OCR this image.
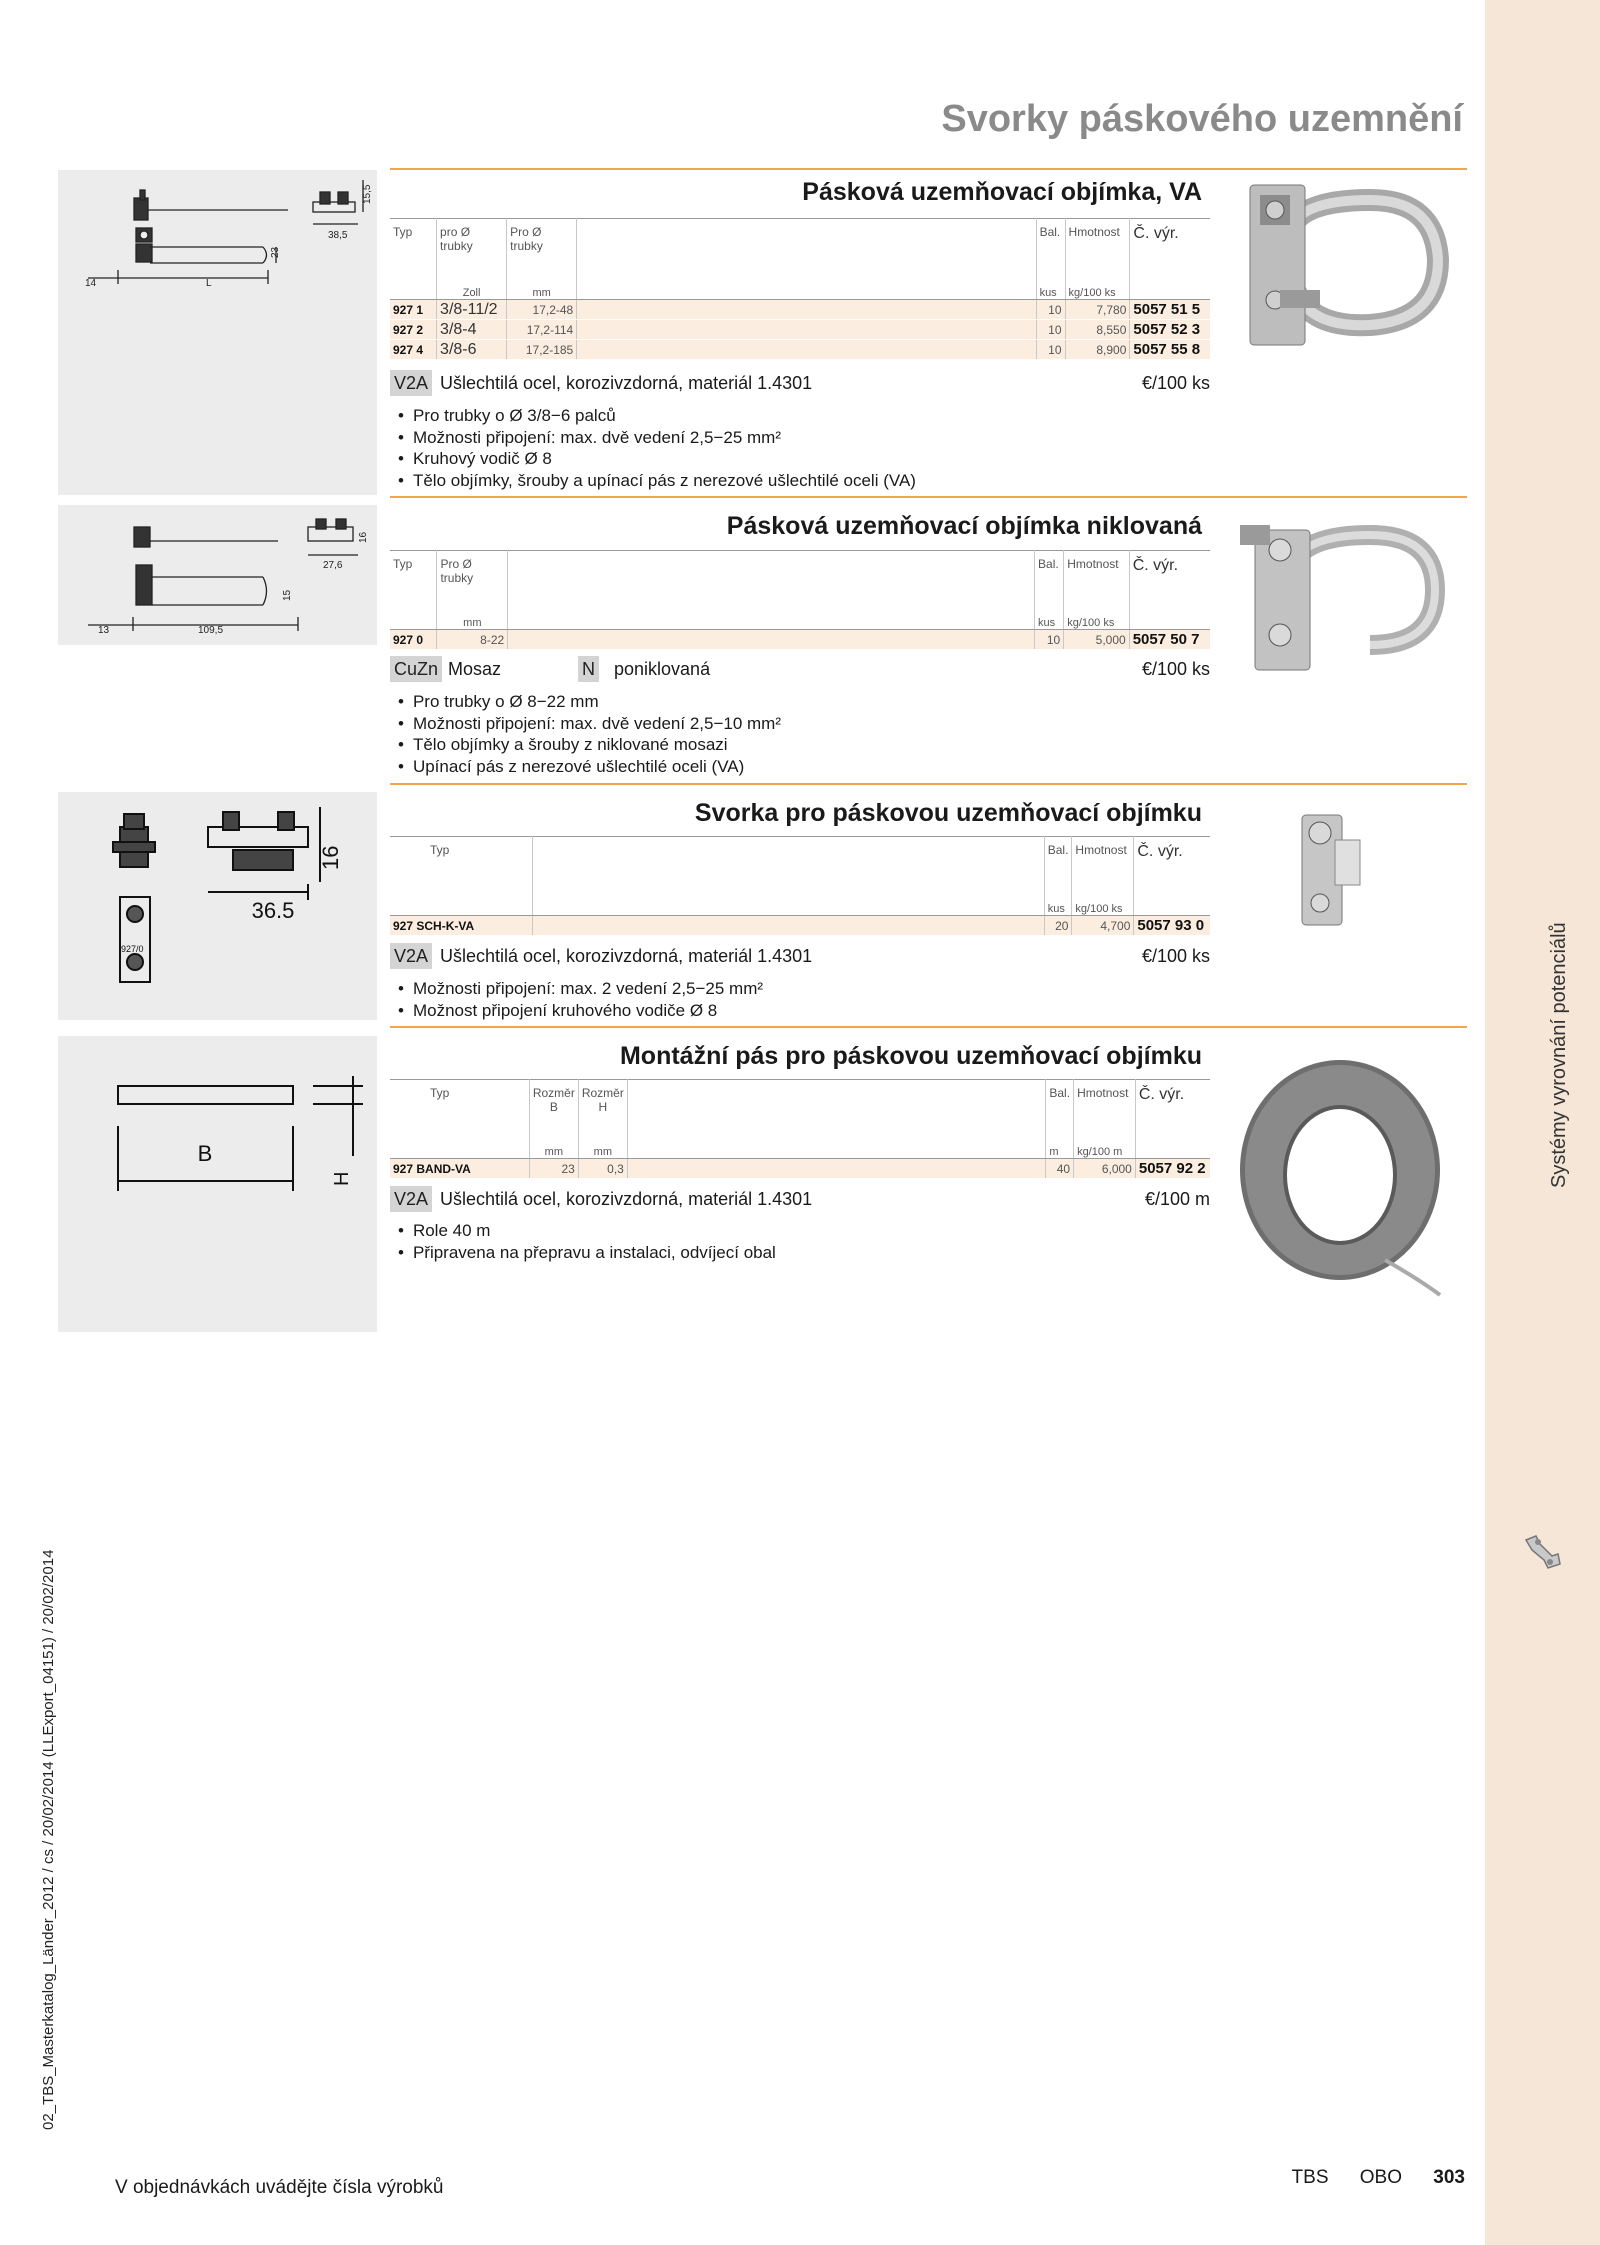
Systémy vyrovnání potenciálů
Svorky páskového uzemnění
14	L
23
38,5
15,5	Pásková uzemňovací objímka, VA
Typ	pro Ø trubky	Pro Ø trubky		Bal.	Hmotnost	Č. výr.
	Zoll	mm		kus	kg/100 ks	
927 1	3/8-11/2	17,2-48		10	7,780	5057 51 5
927 2	3/8-4	17,2-114		10	8,550	5057 52 3
927 4	3/8-6	17,2-185		10	8,900	5057 55 8
V2A Ušlechtilá ocel, korozivzdorná, materiál 1.4301	€/100 ks
• Pro trubky o Ø 3/8−6 palců
• Možnosti připojení: max. dvě vedení 2,5−25 mm²
• Kruhový vodič Ø 8
• Tělo objímky, šrouby a upínací pás z nerezové ušlechtilé oceli (VA)
13	109,5
15
27,6
16	Pásková uzemňovací objímka niklovaná
Typ	Pro Ø trubky		Bal.	Hmotnost	Č. výr.
	mm		kus	kg/100 ks	
927 0	8-22		10	5,000	5057 50 7
CuZn Mosaz	N poniklovaná	€/100 ks
• Pro trubky o Ø 8−22 mm
• Možnosti připojení: max. dvě vedení 2,5−10 mm²
• Tělo objímky a šrouby z niklované mosazi
• Upínací pás z nerezové ušlechtilé oceli (VA)
16
36.5
927/0
Svorka pro páskovou uzemňovací objímku
Typ		Bal.	Hmotnost	Č. výr.
		kus	kg/100 ks	
927 SCH-K-VA		20	4,700	5057 93 0
V2A Ušlechtilá ocel, korozivzdorná, materiál 1.4301	€/100 ks
• Možnosti připojení: max. 2 vedení 2,5−25 mm²
• Možnost připojení kruhového vodiče Ø 8
B
H
Montážní pás pro páskovou uzemňovací objímku
Typ	Rozměr B	Rozměr H		Bal.	Hmotnost	Č. výr.
	mm	mm		m	kg/100 m	
927 BAND-VA	23	0,3		40	6,000	5057 92 2
V2A Ušlechtilá ocel, korozivzdorná, materiál 1.4301	€/100 m
• Role 40 m
• Připravena na přepravu a instalaci, odvíjecí obal
02_TBS_Masterkatalog_Länder_2012 / cs / 20/02/2014 (LLExport_04151) / 20/02/2014
V objednávkách uvádějte čísla výrobků	TBS OBO 303
